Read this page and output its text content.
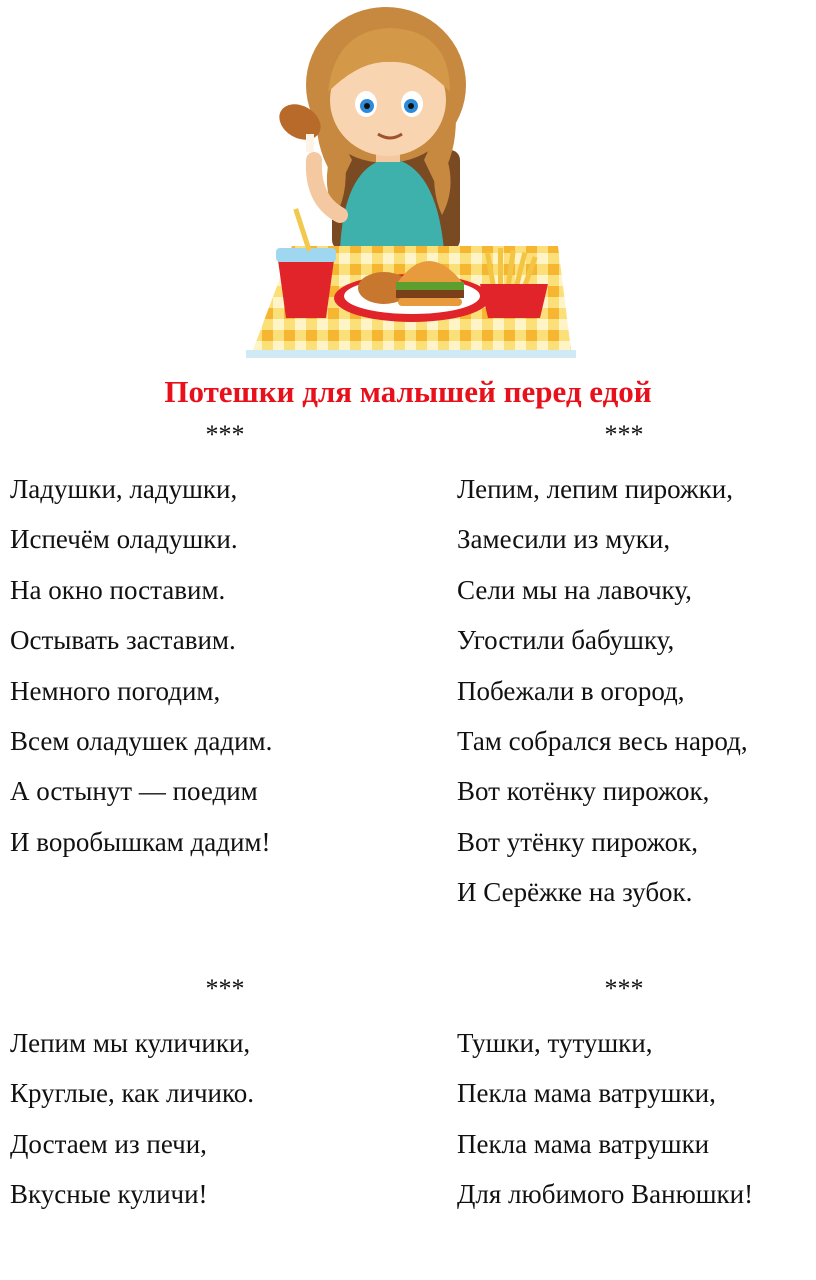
Потешки для малышей перед едой
***
Ладушки, ладушки,
Испечём оладушки.
На окно поставим.
Остывать заставим.
Немного погодим,
Всем оладушек дадим.
А остынут — поедим
И воробышкам дадим!
***
Лепим, лепим пирожки,
Замесили из муки,
Сели мы на лавочку,
Угостили бабушку,
Побежали в огород,
Там собрался весь народ,
Вот котёнку пирожок,
Вот утёнку пирожок,
И Серёжке на зубок.
***
Лепим мы куличики,
Круглые, как личико.
Достаем из печи,
Вкусные куличи!
***
Тушки, тутушки,
Пекла мама ватрушки,
Пекла мама ватрушки
Для любимого Ванюшки!
